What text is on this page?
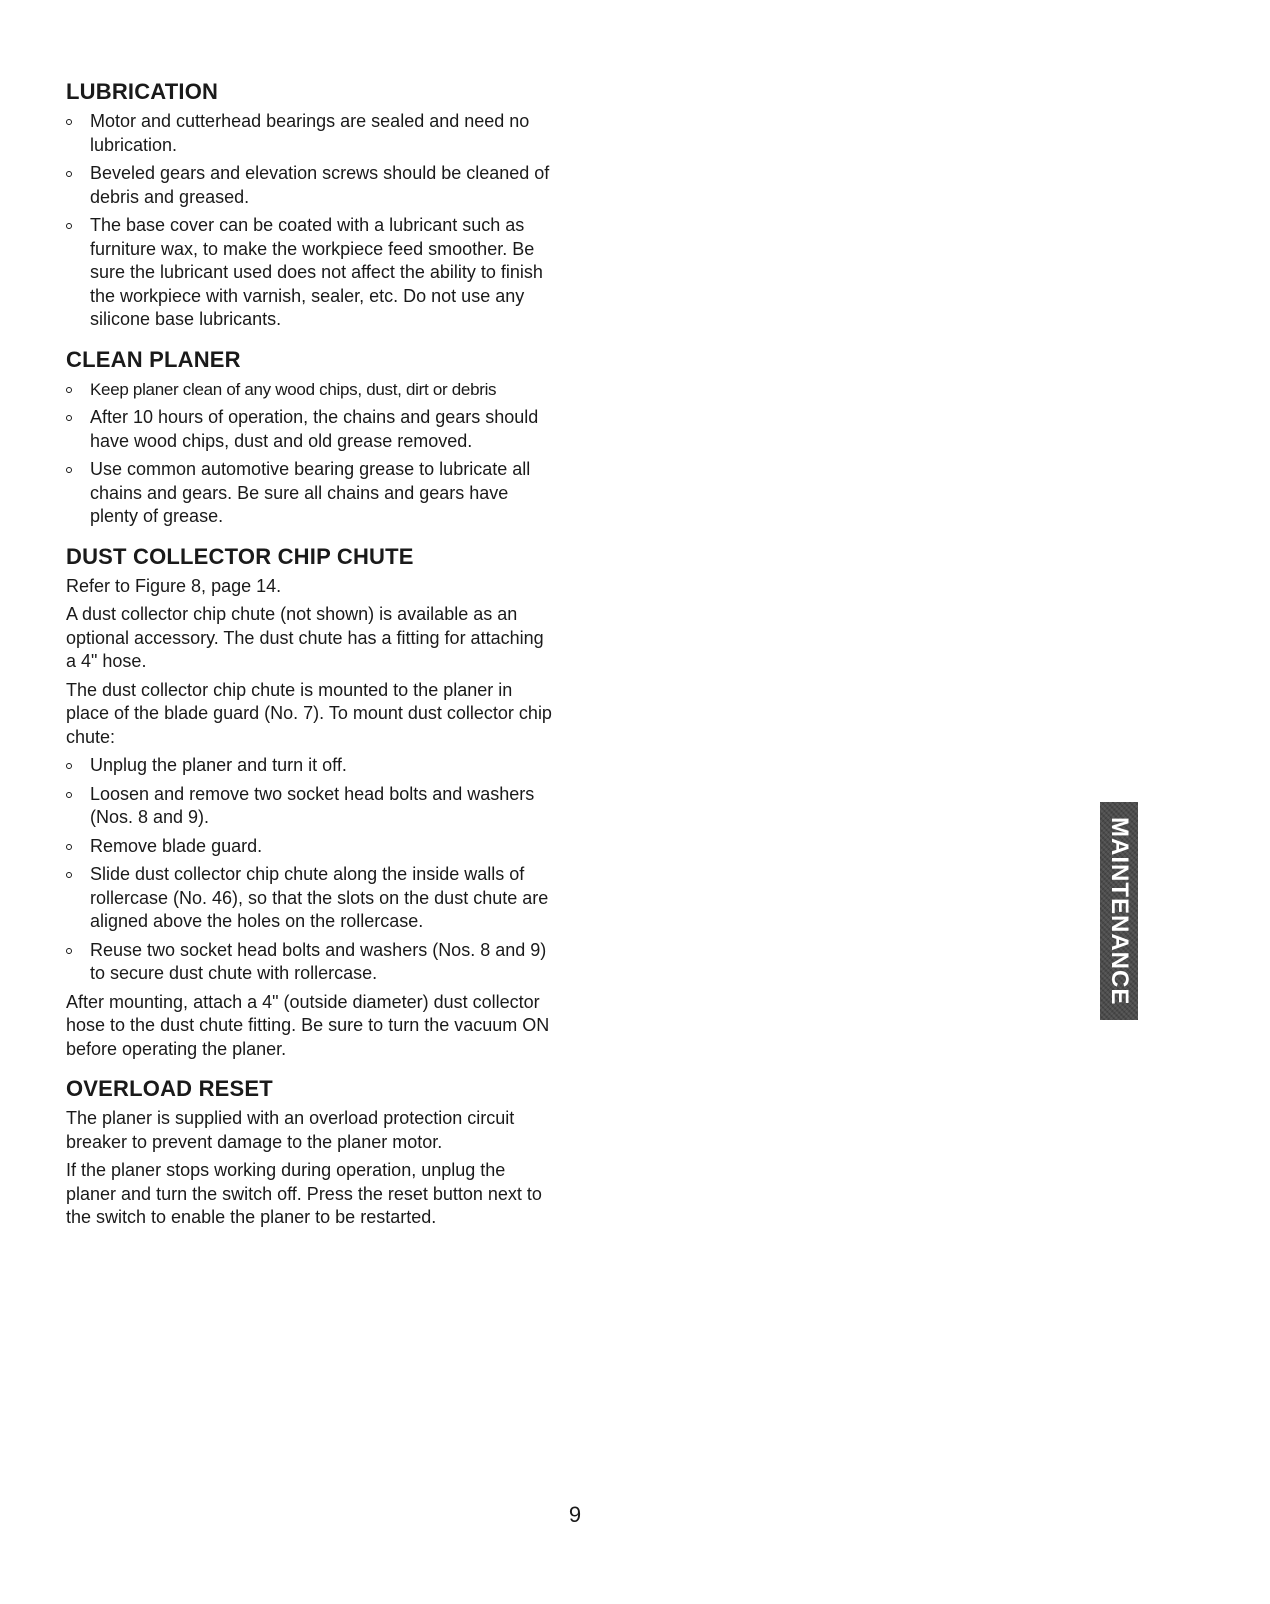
LUBRICATION
Motor and cutterhead bearings are sealed and need no lubrication.
Beveled gears and elevation screws should be cleaned of debris and greased.
The base cover can be coated with a lubricant such as furniture wax, to make the workpiece feed smoother. Be sure the lubricant used does not affect the ability to finish the workpiece with varnish, sealer, etc. Do not use any silicone base lubricants.
CLEAN PLANER
Keep planer clean of any wood chips, dust, dirt or debris
After 10 hours of operation, the chains and gears should have wood chips, dust and old grease removed.
Use common automotive bearing grease to lubricate all chains and gears. Be sure all chains and gears have plenty of grease.
DUST COLLECTOR CHIP CHUTE

Refer to Figure 8, page 14.

A dust collector chip chute (not shown) is available as an optional accessory. The dust chute has a fitting for attaching a 4" hose.

The dust collector chip chute is mounted to the planer in place of the blade guard (No. 7). To mount dust collector chip chute:

Unplug the planer and turn it off.
Loosen and remove two socket head bolts and washers (Nos. 8 and 9).
Remove blade guard.
Slide dust collector chip chute along the inside walls of rollercase (No. 46), so that the slots on the dust chute are aligned above the holes on the rollercase.
Reuse two socket head bolts and washers (Nos. 8 and 9) to secure dust chute with rollercase.

After mounting, attach a 4" (outside diameter) dust collector hose to the dust chute fitting. Be sure to turn the vacuum ON before operating the planer.

OVERLOAD RESET

The planer is supplied with an overload protection circuit breaker to prevent damage to the planer motor.

If the planer stops working during operation, unplug the planer and turn the switch off. Press the reset button next to the switch to enable the planer to be restarted.

MAINTENANCE
9
